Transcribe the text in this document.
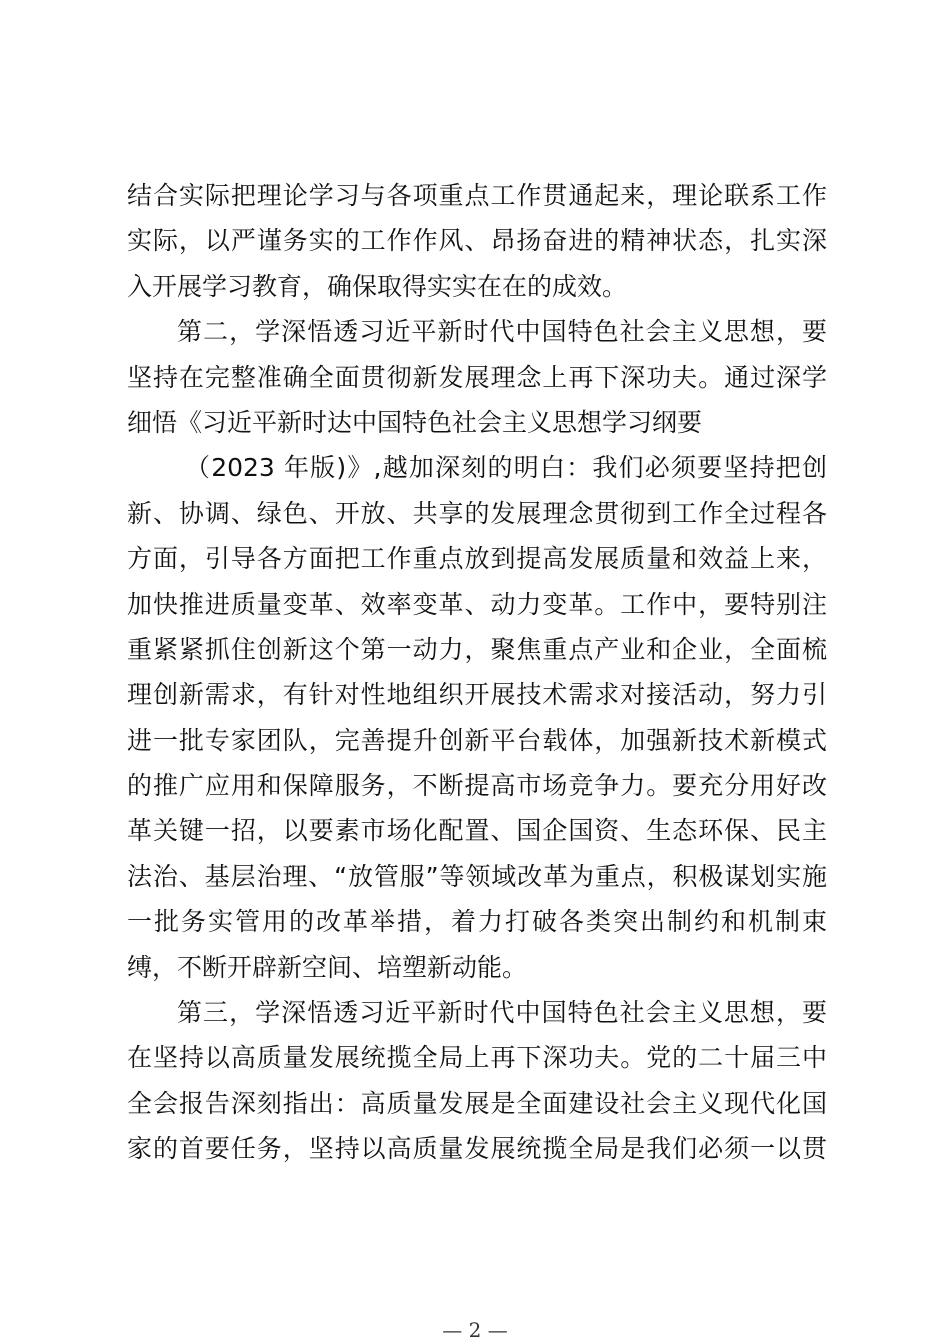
结合实际把理论学习与各项重点工作贯通起来，理论联系工作
实际，以严谨务实的工作作风、昂扬奋进的精神状态，扎实深
入开展学习教育，确保取得实实在在的成效。
第二，学深悟透习近平新时代中国特色社会主义思想，要
坚持在完整准确全面贯彻新发展理念上再下深功夫。通过深学
细悟《习近平新时达中国特色社会主义思想学习纲要
（2023 年版)》,越加深刻的明白：我们必须要坚持把创
新、协调、绿色、开放、共享的发展理念贯彻到工作全过程各
方面，引导各方面把工作重点放到提高发展质量和效益上来，
加快推进质量变革、效率变革、动力变革。工作中，要特别注
重紧紧抓住创新这个第一动力，聚焦重点产业和企业，全面梳
理创新需求，有针对性地组织开展技术需求对接活动，努力引
进一批专家团队，完善提升创新平台载体，加强新技术新模式
的推广应用和保障服务，不断提高市场竞争力。要充分用好改
革关键一招，以要素市场化配置、国企国资、生态环保、民主
法治、基层治理、“放管服”等领域改革为重点，积极谋划实施
一批务实管用的改革举措，着力打破各类突出制约和机制束
缚，不断开辟新空间、培塑新动能。
第三，学深悟透习近平新时代中国特色社会主义思想，要
在坚持以高质量发展统揽全局上再下深功夫。党的二十届三中
全会报告深刻指出：高质量发展是全面建设社会主义现代化国
家的首要任务，坚持以高质量发展统揽全局是我们必须一以贯
— 2 —
